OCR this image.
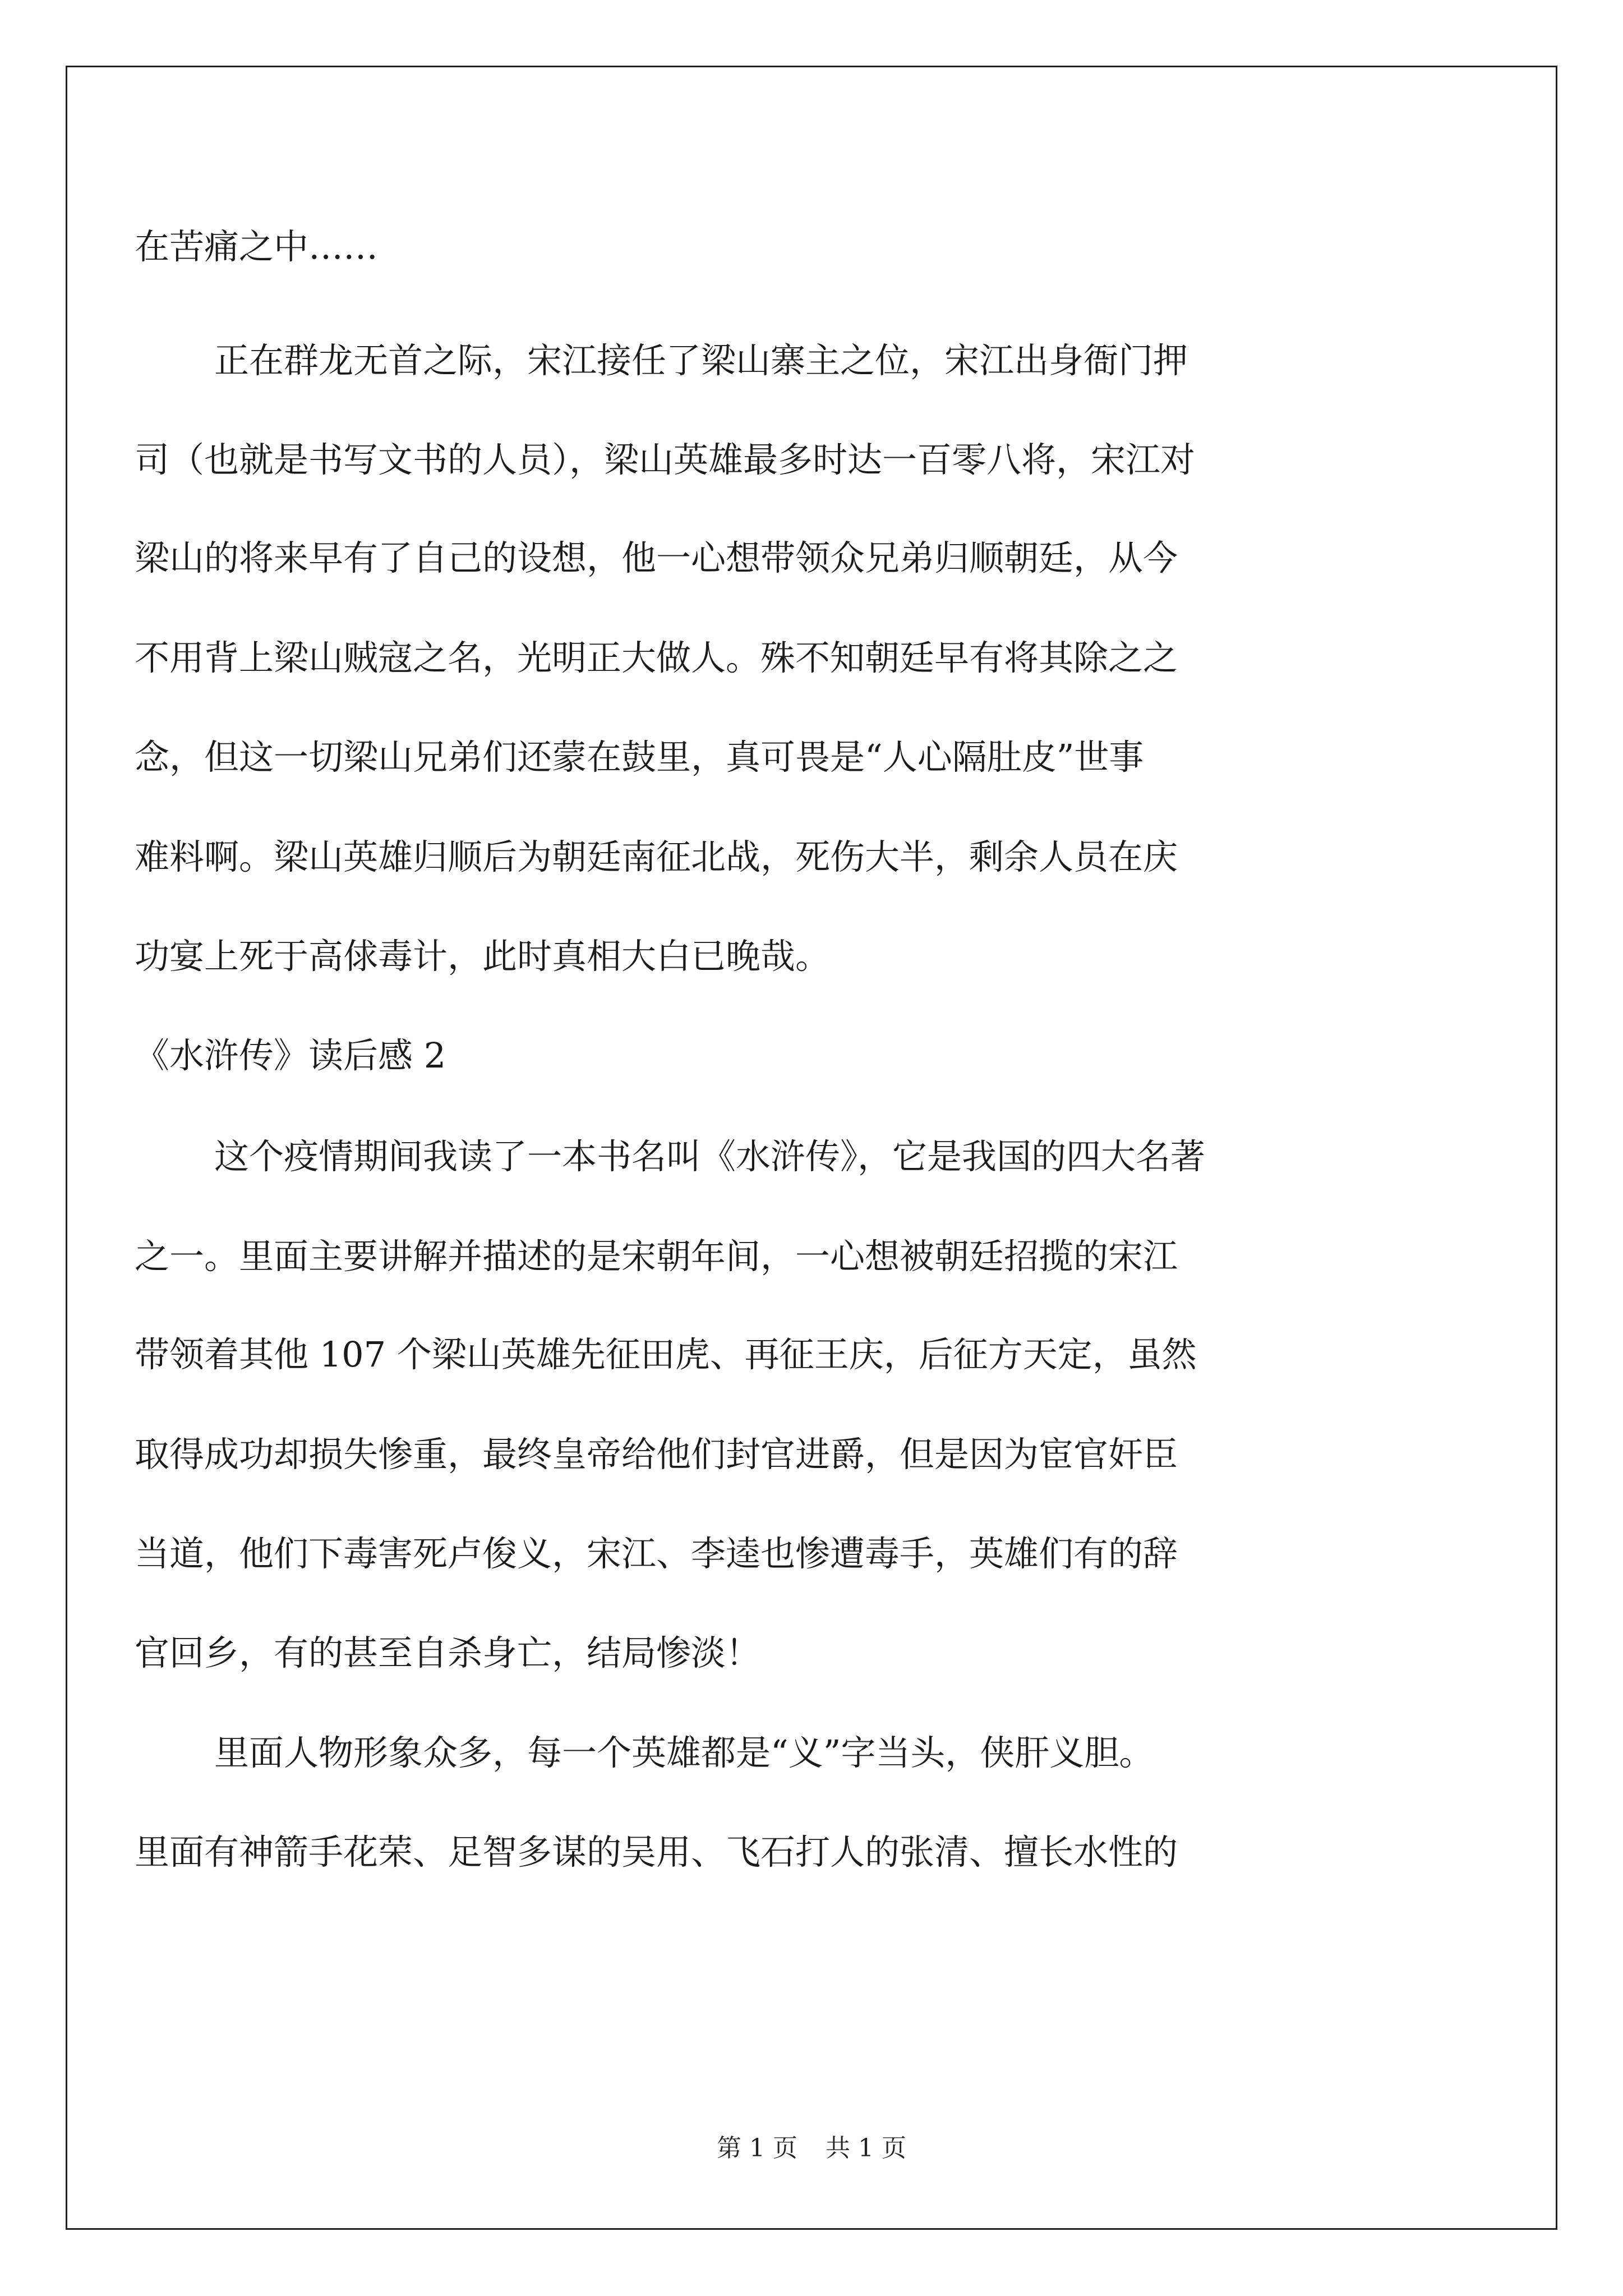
在苦痛之中……

正在群龙无首之际，宋江接任了梁山寨主之位，宋江出身衙门押

司（也就是书写文书的人员），梁山英雄最多时达一百零八将，宋江对

梁山的将来早有了自己的设想，他一心想带领众兄弟归顺朝廷，从今

不用背上梁山贼寇之名，光明正大做人。殊不知朝廷早有将其除之之

念，但这一切梁山兄弟们还蒙在鼓里，真可畏是“人心隔肚皮”世事

难料啊。梁山英雄归顺后为朝廷南征北战，死伤大半，剩余人员在庆

功宴上死于高俅毒计，此时真相大白已晚哉。

《水浒传》读后感 2

这个疫情期间我读了一本书名叫《水浒传》，它是我国的四大名著

之一。里面主要讲解并描述的是宋朝年间，一心想被朝廷招揽的宋江

带领着其他 107 个梁山英雄先征田虎、再征王庆，后征方天定，虽然

取得成功却损失惨重，最终皇帝给他们封官进爵，但是因为宦官奸臣

当道，他们下毒害死卢俊义，宋江、李逵也惨遭毒手，英雄们有的辞

官回乡，有的甚至自杀身亡，结局惨淡！

里面人物形象众多，每一个英雄都是“义”字当头，侠肝义胆。

里面有神箭手花荣、足智多谋的吴用、飞石打人的张清、擅长水性的

第 1 页 共 1 页
